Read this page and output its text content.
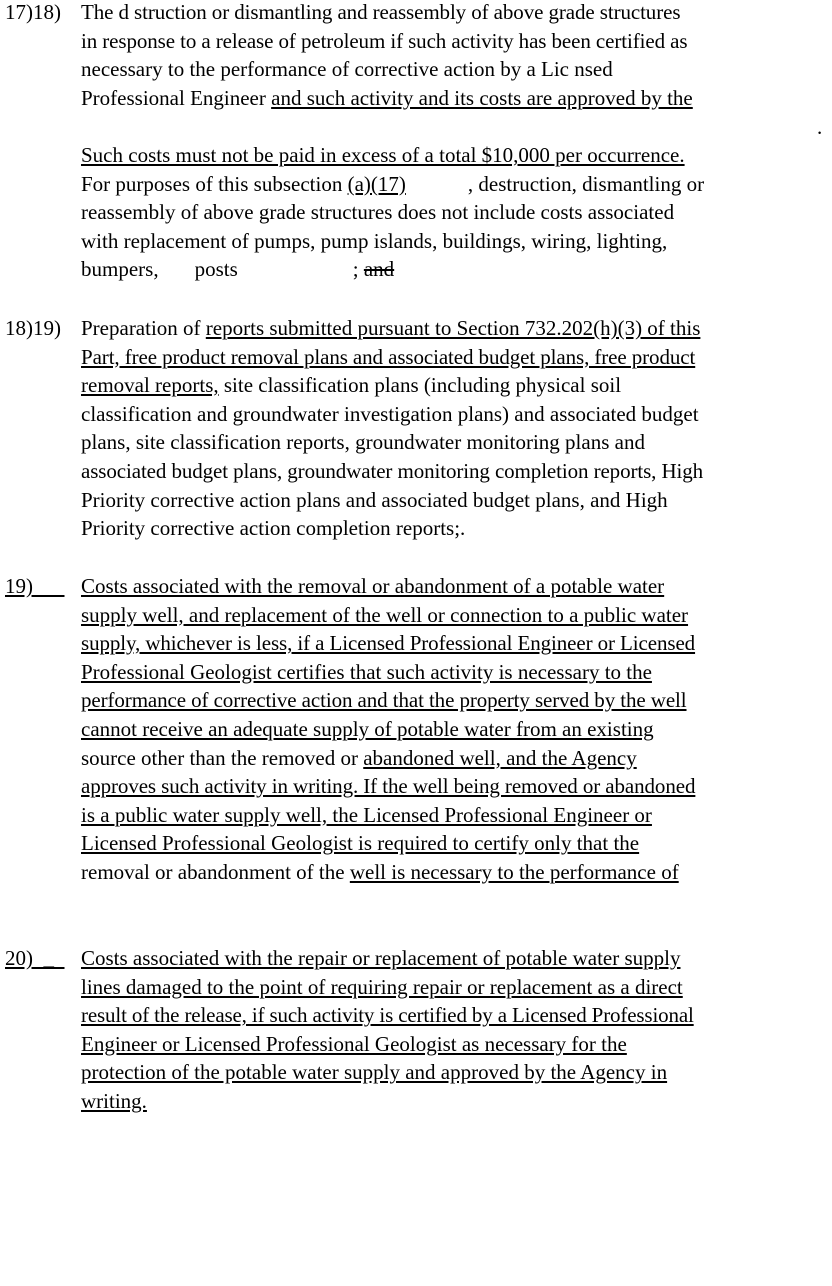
17)18) The d struction or dismantling and reassembly of above grade structures
in response to a release of petroleum if such activity has been certified as
necessary to the performance of corrective action by a Lic nsed
Professional Engineer and such activity and its costs are approved by the
Such costs must not be paid in excess of a total $10,000 per occurrence.
For purposes of this subsection (a)(17)	, destruction, dismantling or
reassembly of above grade structures does not include costs associated
with replacement of pumps, pump islands, buildings, wiring, lighting,
bumpers, posts	; and
.
18)19) Preparation of reports submitted pursuant to Section 732.202(h)(3) of this
Part, free product removal plans and associated budget plans, free product
removal reports, site classification plans (including physical soil
classification and groundwater investigation plans) and associated budget
plans, site classification reports, groundwater monitoring plans and
associated budget plans, groundwater monitoring completion reports, High
Priority corrective action plans and associated budget plans, and High
Priority corrective action completion reports;.
19)	Costs associated with the removal or abandonment of a potable water
supply well, and replacement of the well or connection to a public water
supply, whichever is less, if a Licensed Professional Engineer or Licensed
Professional Geologist certifies that such activity is necessary to the
performance of corrective action and that the property served by the well
cannot receive an adequate supply of potable water from an existing
source other than the removed or abandoned well, and the Agency
approves such activity in writing. If the well being removed or abandoned
is a public water supply well, the Licensed Professional Engineer or
Licensed Professional Geologist is required to certify only that the
removal or abandonment of the well is necessary to the performance of
20)  _ Costs associated with the repair or replacement of potable water supply
lines damaged to the point of requiring repair or replacement as a direct
result of the release, if such activity is certified by a Licensed Professional
Engineer or Licensed Professional Geologist as necessary for the
protection of the potable water supply and approved by the Agency in
writing.
